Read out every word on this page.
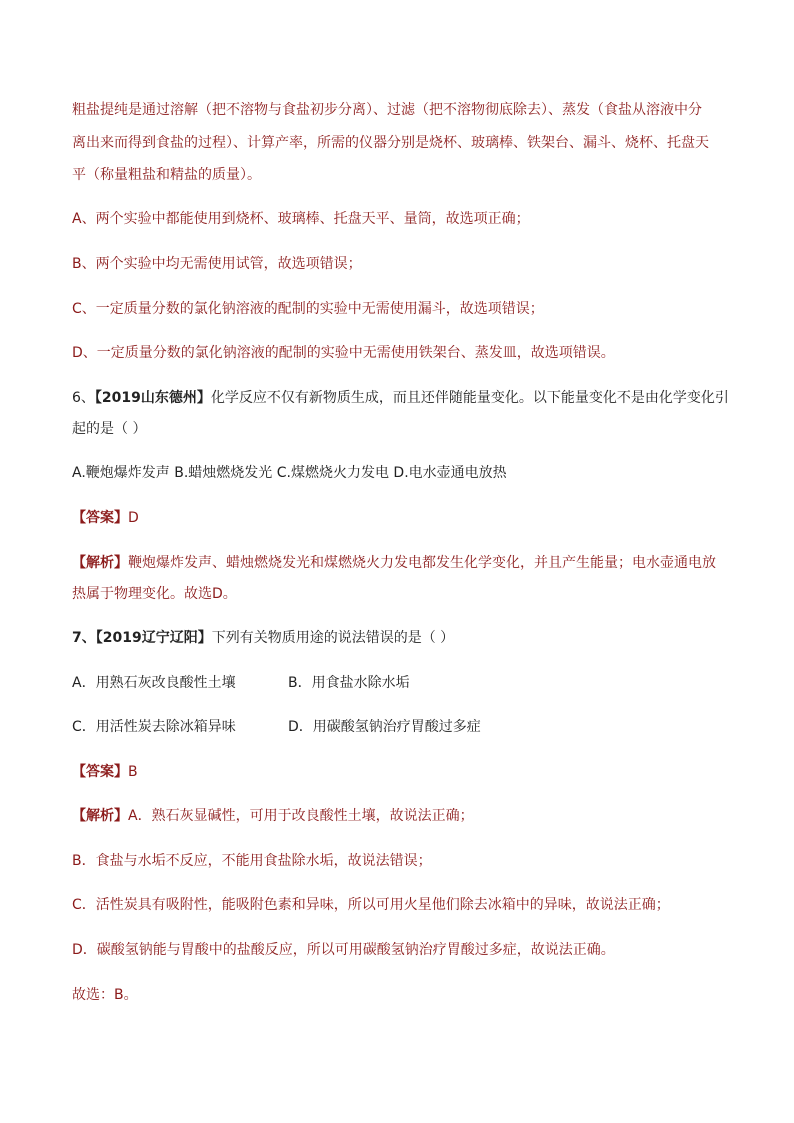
粗盐提纯是通过溶解（把不溶物与食盐初步分离）、过滤（把不溶物彻底除去）、蒸发（食盐从溶液中分
离出来而得到食盐的过程）、计算产率，所需的仪器分别是烧杯、玻璃棒、铁架台、漏斗、烧杯、托盘天
平（称量粗盐和精盐的质量）。
A、两个实验中都能使用到烧杯、玻璃棒、托盘天平、量筒，故选项正确；
B、两个实验中均无需使用试管，故选项错误；
C、一定质量分数的氯化钠溶液的配制的实验中无需使用漏斗，故选项错误；
D、一定质量分数的氯化钠溶液的配制的实验中无需使用铁架台、蒸发皿，故选项错误。
6、【2019山东德州】化学反应不仅有新物质生成，而且还伴随能量变化。以下能量变化不是由化学变化引
起的是（ ）
A.鞭炮爆炸发声 B.蜡烛燃烧发光 C.煤燃烧火力发电 D.电水壶通电放热
【答案】D
【解析】鞭炮爆炸发声、蜡烛燃烧发光和煤燃烧火力发电都发生化学变化，并且产生能量；电水壶通电放
热属于物理变化。故选D。
7、【2019辽宁辽阳】下列有关物质用途的说法错误的是（ ）
A．用熟石灰改良酸性土壤	B．用食盐水除水垢
C．用活性炭去除冰箱异味	D．用碳酸氢钠治疗胃酸过多症
【答案】B
【解析】A．熟石灰显碱性，可用于改良酸性土壤，故说法正确；
B．食盐与水垢不反应，不能用食盐除水垢，故说法错误；
C．活性炭具有吸附性，能吸附色素和异味，所以可用火星他们除去冰箱中的异味，故说法正确；
D．碳酸氢钠能与胃酸中的盐酸反应，所以可用碳酸氢钠治疗胃酸过多症，故说法正确。
故选：B。
